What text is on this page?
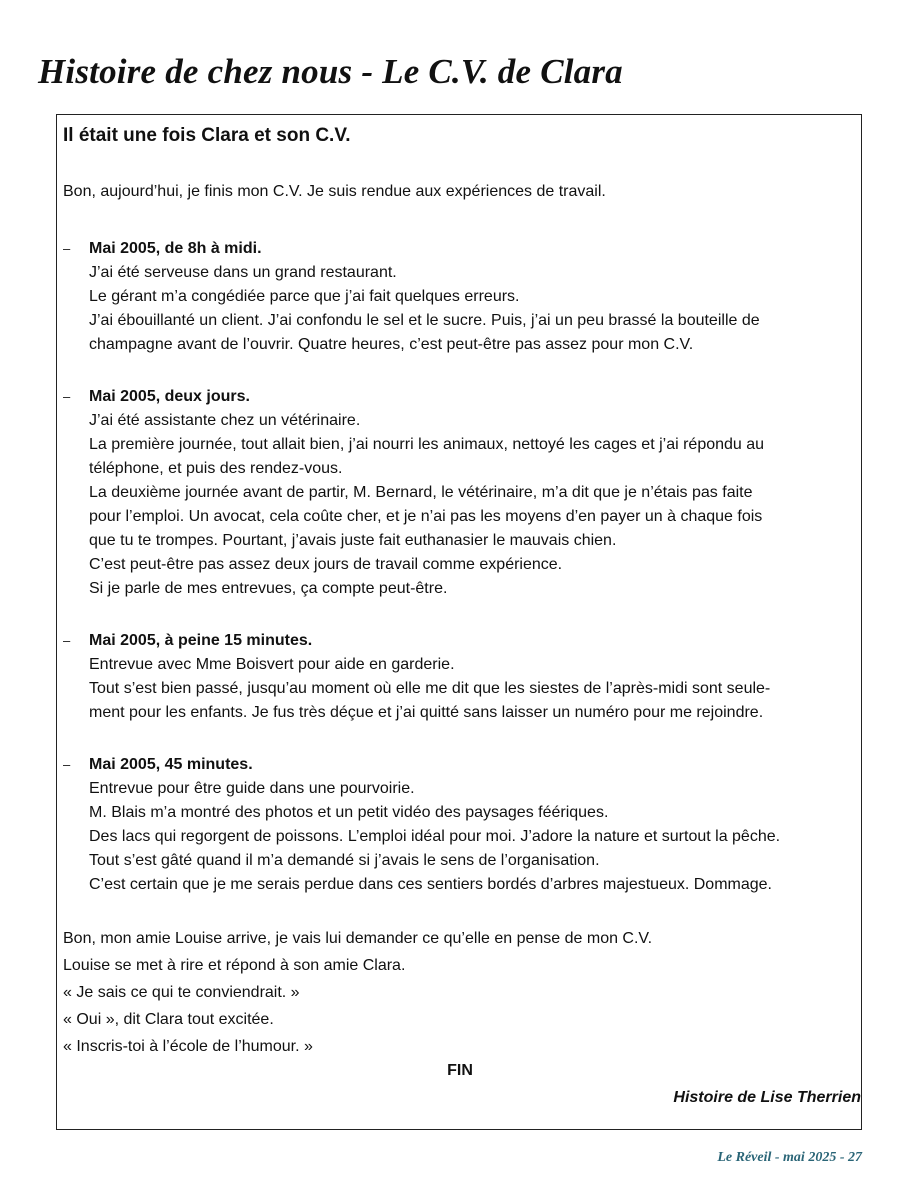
Histoire de chez nous - Le C.V. de Clara
Il était une fois Clara et son C.V.
Bon, aujourd’hui, je finis mon C.V. Je suis rendue aux expériences de travail.
– Mai 2005, de 8h à midi.
J’ai été serveuse dans un grand restaurant.
Le gérant m’a congédiée parce que j’ai fait quelques erreurs.
J’ai ébouillanté un client. J’ai confondu le sel et le sucre. Puis, j’ai un peu brassé la bouteille de
champagne avant de l’ouvrir. Quatre heures, c’est peut-être pas assez pour mon C.V.
– Mai 2005, deux jours.
J’ai été assistante chez un vétérinaire.
La première journée, tout allait bien, j’ai nourri les animaux, nettoyé les cages et j’ai répondu au
téléphone, et puis des rendez-vous.
La deuxième journée avant de partir, M. Bernard, le vétérinaire, m’a dit que je n’étais pas faite
pour l’emploi. Un avocat, cela coûte cher, et je n’ai pas les moyens d’en payer un à chaque fois
que tu te trompes. Pourtant, j’avais juste fait euthanasier le mauvais chien.
C’est peut-être pas assez deux jours de travail comme expérience.
Si je parle de mes entrevues, ça compte peut-être.
– Mai 2005, à peine 15 minutes.
Entrevue avec Mme Boisvert pour aide en garderie.
Tout s’est bien passé, jusqu’au moment où elle me dit que les siestes de l’après-midi sont seule-
ment pour les enfants. Je fus très déçue et j’ai quitté sans laisser un numéro pour me rejoindre.
– Mai 2005, 45 minutes.
Entrevue pour être guide dans une pourvoirie.
M. Blais m’a montré des photos et un petit vidéo des paysages féériques.
Des lacs qui regorgent de poissons. L’emploi idéal pour moi. J’adore la nature et surtout la pêche.
Tout s’est gâté quand il m’a demandé si j’avais le sens de l’organisation.
C’est certain que je me serais perdue dans ces sentiers bordés d’arbres majestueux. Dommage.
Bon, mon amie Louise arrive, je vais lui demander ce qu’elle en pense de mon C.V.
Louise se met à rire et répond à son amie Clara.
« Je sais ce qui te conviendrait. »
« Oui », dit Clara tout excitée.
« Inscris-toi à l’école de l’humour. »
FIN
Histoire de Lise Therrien
Le Réveil - mai 2025 - 27
